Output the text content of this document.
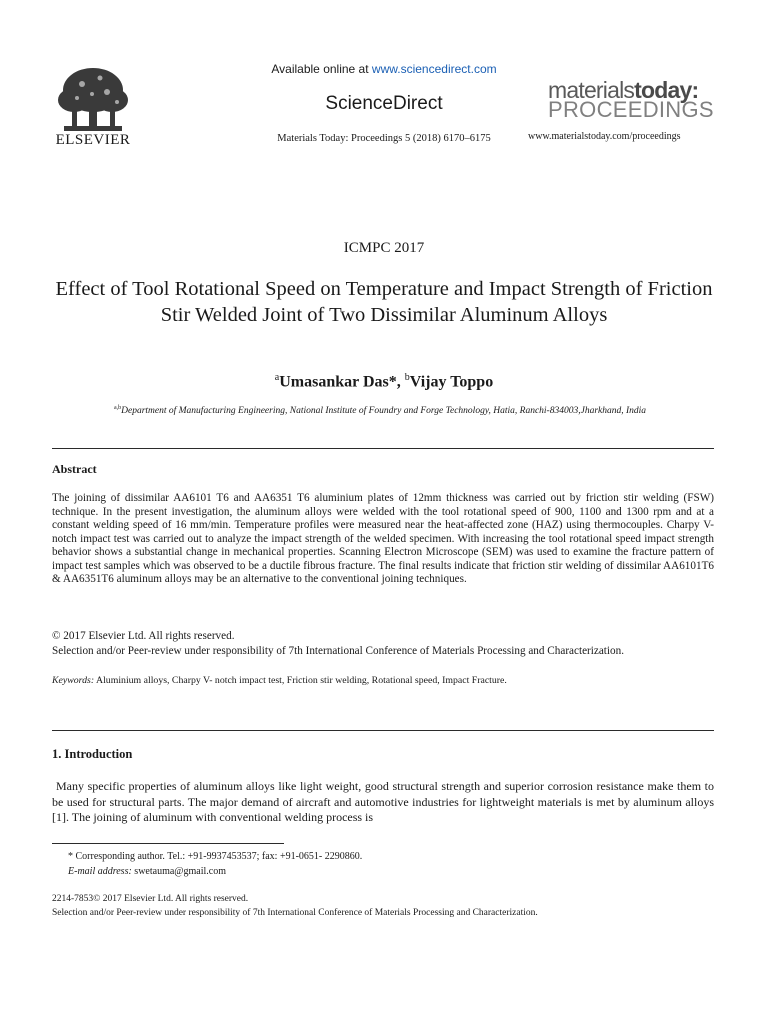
ELSEVIER
Available online at www.sciencedirect.com
ScienceDirect
Materials Today: Proceedings 5 (2018) 6170–6175
materialstoday:
PROCEEDINGS
www.materialstoday.com/proceedings
ICMPC 2017
Effect of Tool Rotational Speed on Temperature and Impact Strength of Friction Stir Welded Joint of Two Dissimilar Aluminum Alloys
$^a$Umasankar Das*, $^b$Vijay Toppo
$^{a,b}$Department of Manufacturing Engineering, National Institute of Foundry and Forge Technology, Hatia, Ranchi-834003,Jharkhand, India
Abstract
The joining of dissimilar AA6101 T6 and AA6351 T6 aluminium plates of 12mm thickness was carried out by friction stir welding (FSW) technique. In the present investigation, the aluminum alloys were welded with the tool rotational speed of 900, 1100 and 1300 rpm and at a constant welding speed of 16 mm/min. Temperature profiles were measured near the heat-affected zone (HAZ) using thermocouples. Charpy V- notch impact test was carried out to analyze the impact strength of the welded specimen. With increasing the tool rotational speed impact strength behavior shows a substantial change in mechanical properties. Scanning Electron Microscope (SEM) was used to examine the fracture pattern of impact test samples which was observed to be a ductile fibrous fracture. The final results indicate that friction stir welding of dissimilar AA6101T6 & AA6351T6 aluminum alloys may be an alternative to the conventional joining techniques.
© 2017 Elsevier Ltd. All rights reserved.
Selection and/or Peer-review under responsibility of 7th International Conference of Materials Processing and Characterization.
Keywords: Aluminium alloys, Charpy V- notch impact test, Friction stir welding, Rotational speed, Impact Fracture.
1. Introduction
Many specific properties of aluminum alloys like light weight, good structural strength and superior corrosion resistance make them to be used for structural parts. The major demand of aircraft and automotive industries for lightweight materials is met by aluminum alloys [1]. The joining of aluminum with conventional welding process is
* Corresponding author. Tel.: +91-9937453537; fax: +91-0651- 2290860.
E-mail address: swetauma@gmail.com
2214-7853© 2017 Elsevier Ltd. All rights reserved.
Selection and/or Peer-review under responsibility of 7th International Conference of Materials Processing and Characterization.
